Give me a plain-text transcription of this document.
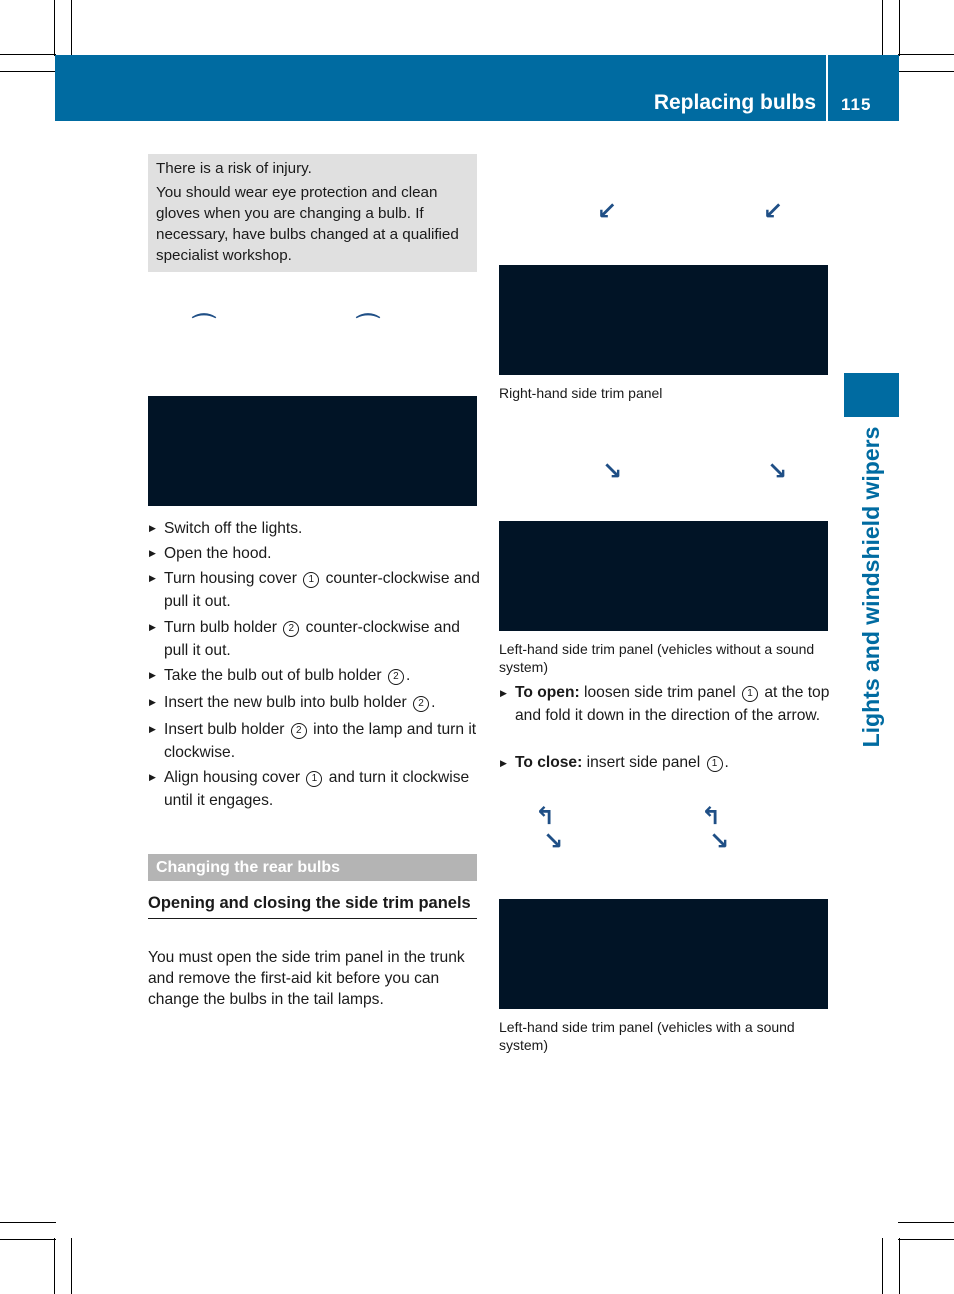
Replacing bulbs 115
Lights and windshield wipers

There is a risk of injury.

You should wear eye protection and clean gloves when you are changing a bulb. If necessary, have bulbs changed at a qualified specialist workshop.

⌒	⌒
▶ Switch off the lights.
▶ Open the hood.
▶ Turn housing cover 1 counter-clockwise and pull it out.
▶ Turn bulb holder 2 counter-clockwise and pull it out.
▶ Take the bulb out of bulb holder 2 .
▶ Insert the new bulb into bulb holder 2 .
▶ Insert bulb holder 2 into the lamp and turn it clockwise.
▶ Align housing cover 1 and turn it clockwise until it engages.
Changing the rear bulbs
Opening and closing the side trim panels
You must open the side trim panel in the trunk and remove the first-aid kit before you can change the bulbs in the tail lamps.
↙	↙
Right-hand side trim panel
↘	↘
Left-hand side trim panel (vehicles without a sound system)
▶ To open: loosen side trim panel 1 at the top and fold it down in the direction of the arrow.
▶ To close: insert side panel 1 .
↰
↘
↰
↘
Left-hand side trim panel (vehicles with a sound system)
